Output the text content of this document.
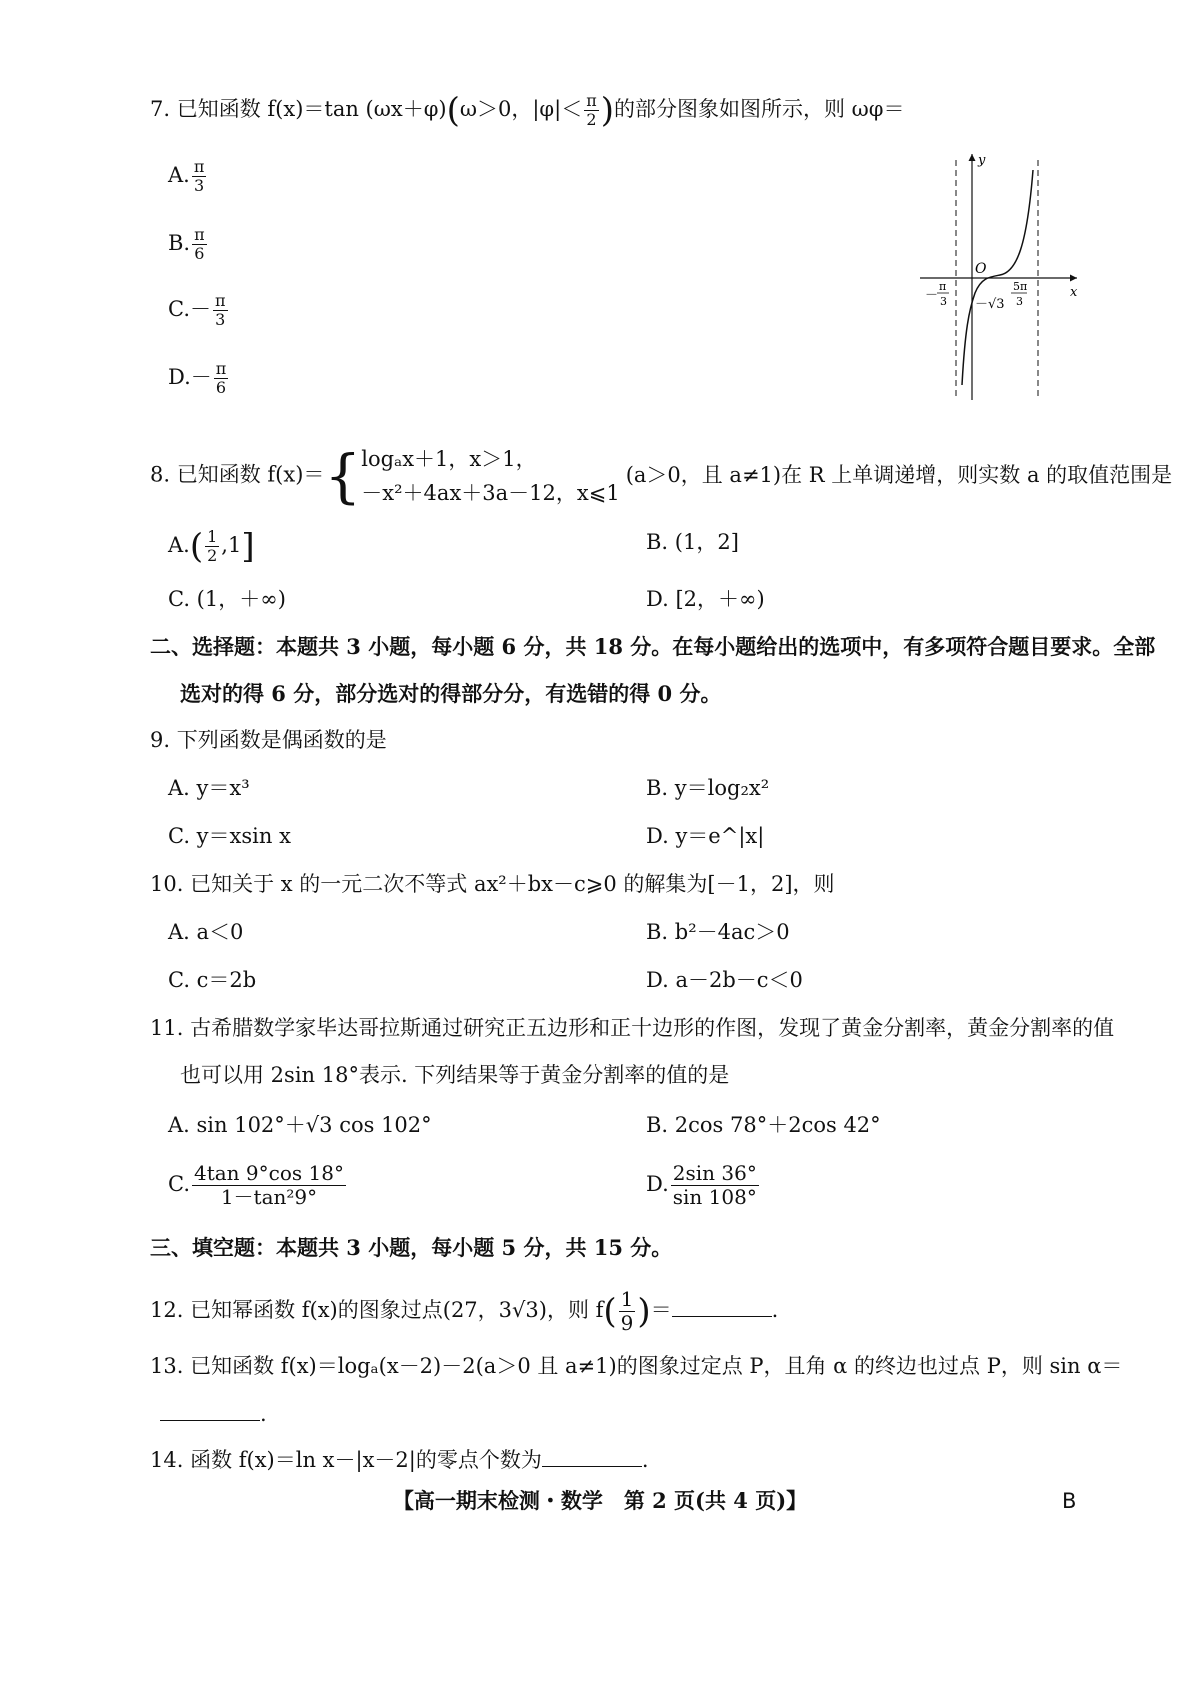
7. 已知函数 f(x)＝tan (ωx＋φ)(ω＞0，$|\varphi|< \frac{\pi}{2}$ )的部分图象如图所示，则 ωφ＝
A. $\frac{\pi}{3}$
B. $\frac{\pi}{6}$
$C.- \frac{\pi}{3}$
$D.- \frac{\pi}{6}$
y
x
O
－
π
3 －√3
5π
3
8. 已知函数 f(x)＝{ logₐx＋1，x＞1，
－x²＋4ax＋3a－12，x⩽1
(a＞0，且 a≠1)在 R 上单调递增，则实数 a 的取值范围是
$A.( \frac{1}{2} ,1]$	B. (1，2]
C. (1，＋∞)	D. [2，＋∞)
二、选择题：本题共 3 小题，每小题 6 分，共 18 分。在每小题给出的选项中，有多项符合题目要求。全部
选对的得 6 分，部分选对的得部分分，有选错的得 0 分。
9. 下列函数是偶函数的是
A. y＝x³	B. y＝log₂x²
C. y＝xsin x	D. y＝e^|x|
10. 已知关于 x 的一元二次不等式 ax²＋bx－c⩾0 的解集为[－1，2]，则
A. a＜0	B. b²－4ac＞0
C. c＝2b	D. a－2b－c＜0
11. 古希腊数学家毕达哥拉斯通过研究正五边形和正十边形的作图，发现了黄金分割率，黄金分割率的值
也可以用 2sin 18°表示. 下列结果等于黄金分割率的值的是
A. sin 102°＋√3 cos 102°	B. 2cos 78°＋2cos 42°
C. $\frac{4\tan 9^\circ\cos 18^\circ}{\text{1－tan²9°}}$	D. $\frac{2\sin 36^\circ}{\sin 108^\circ}$
三、填空题：本题共 3 小题，每小题 5 分，共 15 分。
12. 已知幂函数 f(x)的图象过点(27，3√3)，则 $f( \frac{1}{9}$ )＝	.
13. 已知函数 f(x)＝logₐ(x－2)－2(a＞0 且 a≠1)的图象过定点 P，且角 α 的终边也过点 P，则 sin α＝
.
14. 函数 f(x)＝ln x－|x－2|的零点个数为	.
【高一期末检测・数学　第 2 页(共 4 页)】	B
